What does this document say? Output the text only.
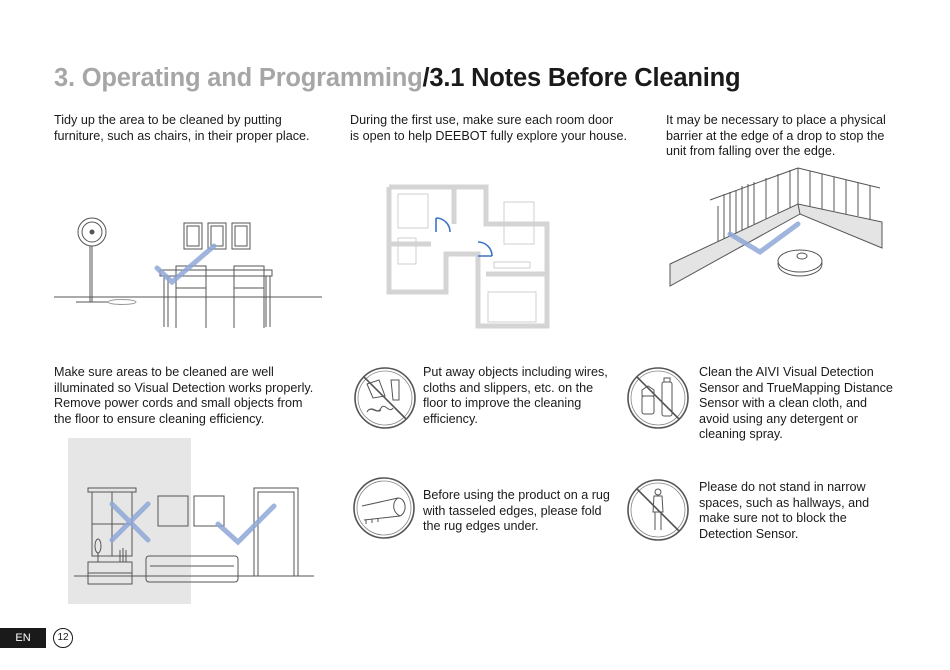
3. Operating and Programming/3.1 Notes Before Cleaning
Tidy up the area to be cleaned by putting
furniture, such as chairs, in their proper place.
During the first use, make sure each room door
is open to help DEEBOT fully explore your house.
It may be necessary to place a physical
barrier at the edge of a drop to stop the
unit from falling over the edge.
Make sure areas to be cleaned are well
illuminated so Visual Detection works properly.
Remove power cords and small objects from
the floor to ensure cleaning efficiency.
Put away objects including wires,
cloths and slippers, etc. on the
floor to improve the cleaning
efficiency.
Clean the AIVI Visual Detection
Sensor and TrueMapping Distance
Sensor with a clean cloth, and
avoid using any detergent or
cleaning spray.
Before using the product on a rug
with tasseled edges, please fold
the rug edges under.
Please do not stand in narrow
spaces, such as hallways, and
make sure not to block the
Detection Sensor.
EN	12
